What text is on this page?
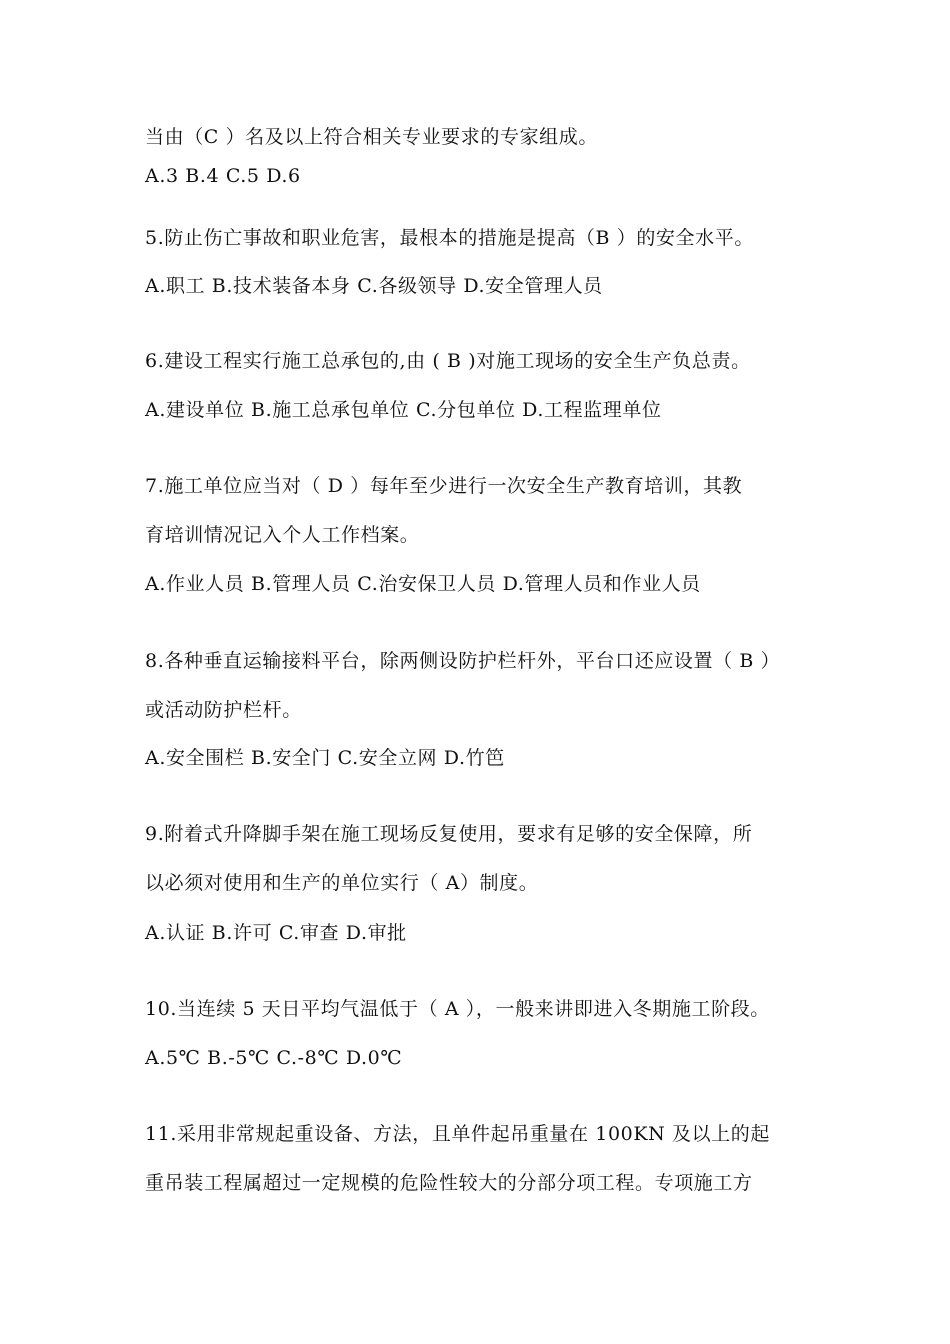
当由（C ）名及以上符合相关专业要求的专家组成。
A.3 B.4 C.5 D.6
5.防止伤亡事故和职业危害，最根本的措施是提高（B ）的安全水平。
A.职工 B.技术装备本身 C.各级领导 D.安全管理人员
6.建设工程实行施工总承包的,由 ( B )对施工现场的安全生产负总责。
A.建设单位 B.施工总承包单位 C.分包单位 D.工程监理单位
7.施工单位应当对（ D ）每年至少进行一次安全生产教育培训，其教
育培训情况记入个人工作档案。
A.作业人员 B.管理人员 C.治安保卫人员 D.管理人员和作业人员
8.各种垂直运输接料平台，除两侧设防护栏杆外，平台口还应设置（ B ）
或活动防护栏杆。
A.安全围栏 B.安全门 C.安全立网 D.竹笆
9.附着式升降脚手架在施工现场反复使用，要求有足够的安全保障，所
以必须对使用和生产的单位实行（ A）制度。
A.认证 B.许可 C.审查 D.审批
10.当连续 5 天日平均气温低于（ A ），一般来讲即进入冬期施工阶段。
A.5℃ B.-5℃ C.-8℃ D.0℃
11.采用非常规起重设备、方法，且单件起吊重量在 100KN 及以上的起
重吊装工程属超过一定规模的危险性较大的分部分项工程。专项施工方
